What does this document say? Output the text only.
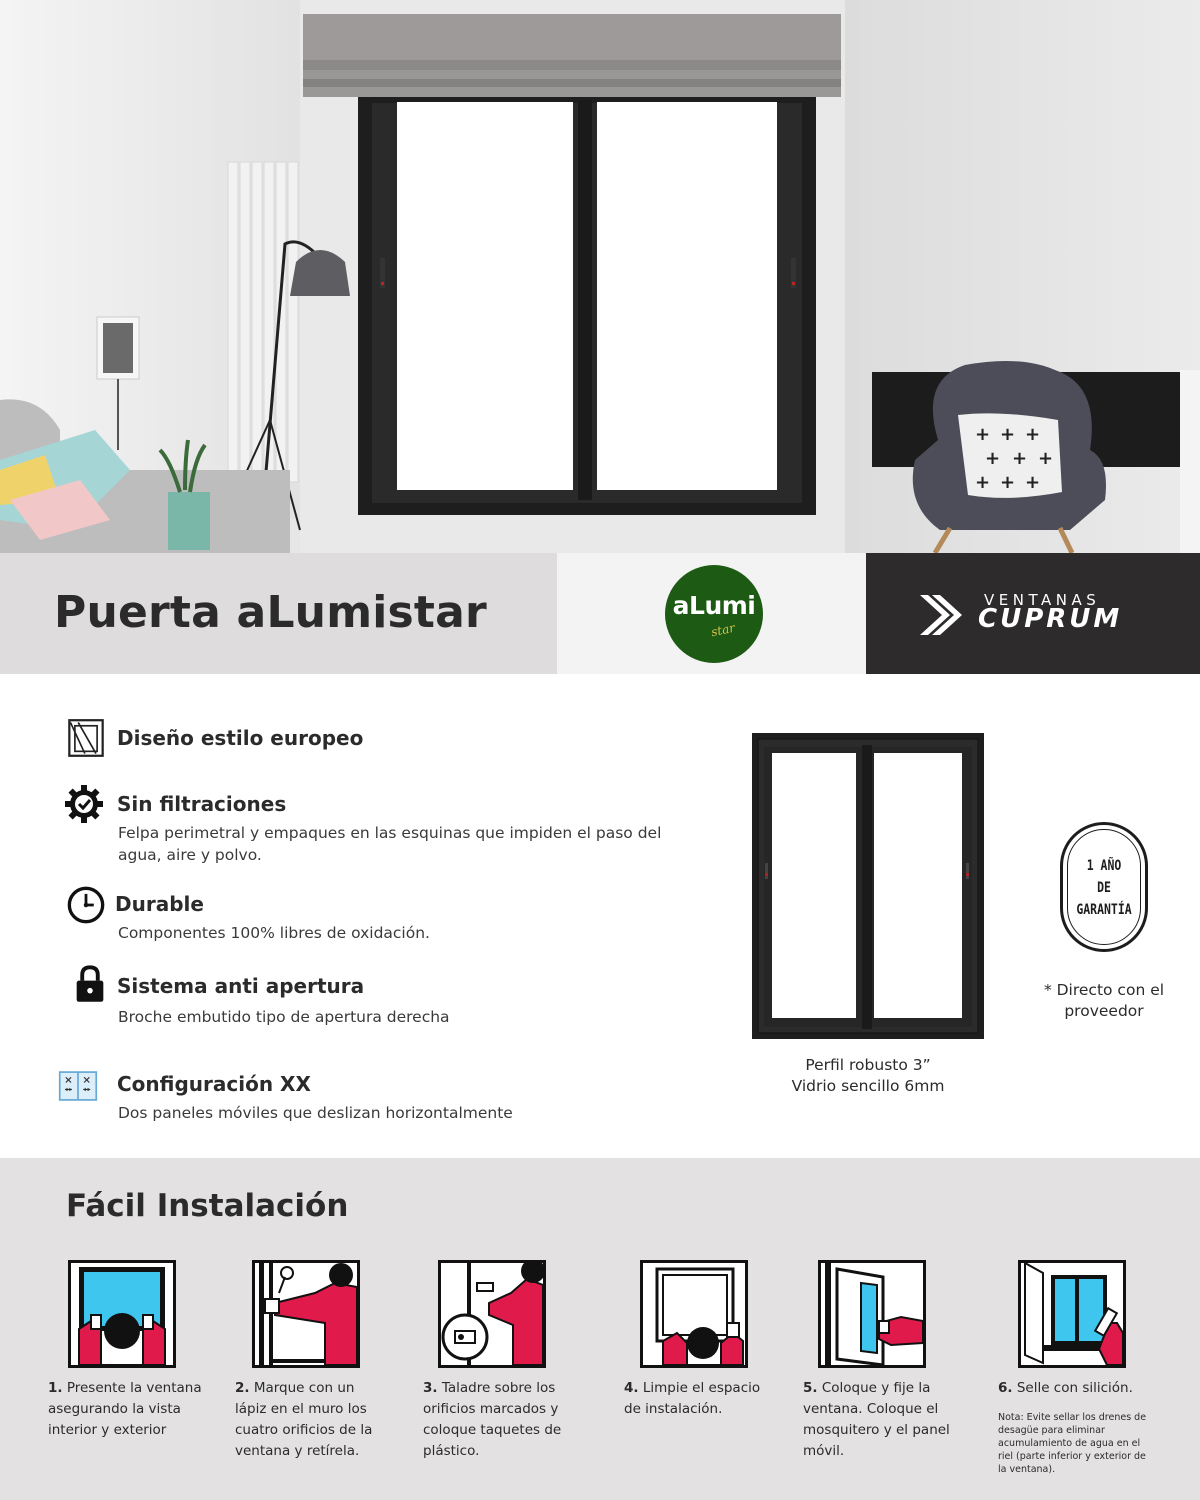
+ + +
+ + +
+ + +
Puerta aLumistar	aLumi
star
VENTANAS
CUPRUM
Diseño estilo europeo
Sin filtraciones
Felpa perimetral y empaques en las esquinas que impiden el paso del agua, aire y polvo.
Durable
Componentes 100% libres de oxidación.
Sistema anti apertura
Broche embutido tipo de apertura derecha
Configuración XX
Dos paneles móviles que deslizan horizontalmente
Perfil robusto 3”
Vidrio sencillo 6mm
1 AÑO
DE
GARANTÍA
* Directo con el proveedor
Fácil Instalación
1. Presente la ventana asegurando la vista interior y exterior
2. Marque con un lápiz en el muro los cuatro orificios de la ventana y retírela.
3. Taladre sobre los orificios marcados y coloque taquetes de plástico.
4. Limpie el espacio de instalación.
5. Coloque y fije la ventana. Coloque el mosquitero y el panel móvil.
6. Selle con silición.
Nota: Evite sellar los drenes de desagüe para eliminar acumulamiento de agua en el riel (parte inferior y exterior de la ventana).
